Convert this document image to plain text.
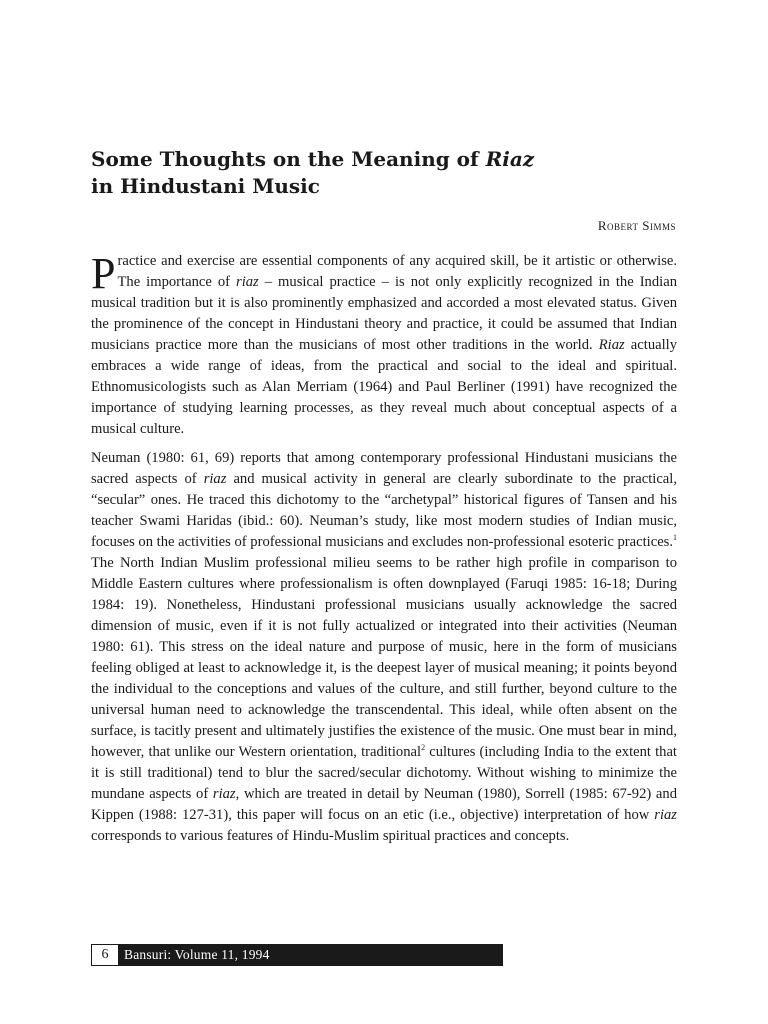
Some Thoughts on the Meaning of Riaz
in Hindustani Music
Robert Simms

Practice and exercise are essential components of any acquired skill, be it artistic or otherwise. The importance of riaz – musical practice – is not only explicitly recognized in the Indian musical tradition but it is also prominently emphasized and accorded a most elevated status. Given the prominence of the concept in Hindustani theory and practice, it could be assumed that Indian musicians practice more than the musicians of most other traditions in the world. Riaz actually embraces a wide range of ideas, from the practical and social to the ideal and spiritual. Ethnomusicologists such as Alan Merriam (1964) and Paul Berliner (1991) have recognized the importance of studying learning processes, as they reveal much about conceptual aspects of a musical culture.

Neuman (1980: 61, 69) reports that among contemporary professional Hindustani musicians the sacred aspects of riaz and musical activity in general are clearly subordinate to the practical, “secular” ones. He traced this dichotomy to the “archetypal” historical figures of Tansen and his teacher Swami Haridas (ibid.: 60). Neuman’s study, like most modern studies of Indian music, focuses on the activities of professional musicians and excludes non-professional esoteric practices.$^1$ The North Indian Muslim professional milieu seems to be rather high profile in comparison to Middle Eastern cultures where professionalism is often downplayed (Faruqi 1985: 16-18; During 1984: 19). Nonetheless, Hindustani professional musicians usually acknowledge the sacred dimension of music, even if it is not fully actualized or integrated into their activities (Neuman 1980: 61). This stress on the ideal nature and purpose of music, here in the form of musicians feeling obliged at least to acknowledge it, is the deepest layer of musical meaning; it points beyond the individual to the conceptions and values of the culture, and still further, beyond culture to the universal human need to acknowledge the transcendental. This ideal, while often absent on the surface, is tacitly present and ultimately justifies the existence of the music. One must bear in mind, however, that unlike our Western orientation, traditional$^2$ cultures (including India to the extent that it is still traditional) tend to blur the sacred/secular dichotomy. Without wishing to minimize the mundane aspects of riaz, which are treated in detail by Neuman (1980), Sorrell (1985: 67-92) and Kippen (1988: 127-31), this paper will focus on an etic (i.e., objective) interpretation of how riaz corresponds to various features of Hindu-Muslim spiritual practices and concepts.

6	Bansuri: Volume 11, 1994
